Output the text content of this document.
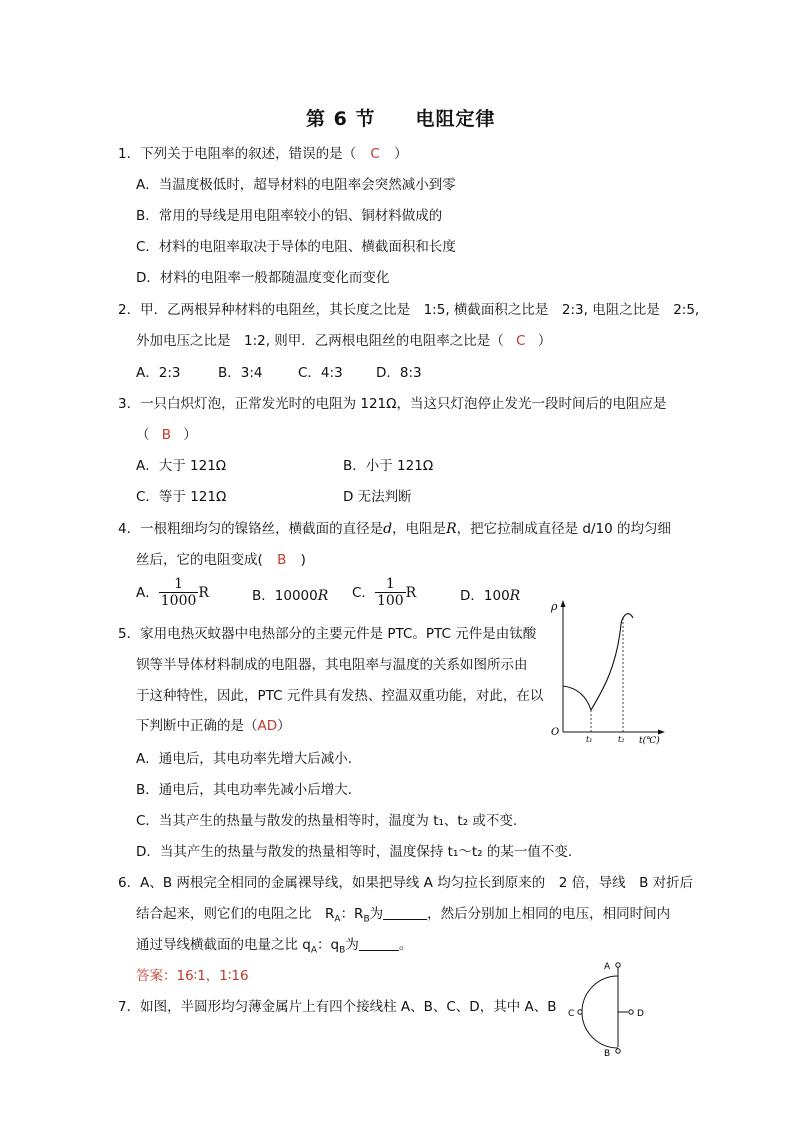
第 6 节　　电阻定律
1．下列关于电阻率的叙述，错误的是（ C ）
A．当温度极低时，超导材料的电阻率会突然减小到零
B．常用的导线是用电阻率较小的铝、铜材料做成的
C．材料的电阻率取决于导体的电阻、横截面积和长度
D．材料的电阻率一般都随温度变化而变化
2．甲．乙两根异种材料的电阻丝，其长度之比是　1:5, 横截面积之比是　2:3, 电阻之比是　2:5,
外加电压之比是　1:2, 则甲．乙两根电阻丝的电阻率之比是（ C ）
A．2:3	B．3:4	C．4:3 D．8:3
3．一只白炽灯泡，正常发光时的电阻为 121Ω，当这只灯泡停止发光一段时间后的电阻应是
（ B ）
A．大于 121Ω	B．小于 121Ω
C．等于 121Ω	D 无法判断
4．一根粗细均匀的镍铬丝，横截面的直径是d，电阻是R，把它拉制成直径是 d/10 的均匀细
丝后，它的电阻变成( B )
A． $\frac{1}{1000}$ R	B．10000R C． $\frac{1}{100}$ R	D．100R
5．家用电热灭蚊器中电热部分的主要元件是 PTC。PTC 元件是由钛酸
钡等半导体材料制成的电阻器，其电阻率与温度的关系如图所示由
于这种特性，因此，PTC 元件具有发热、控温双重功能，对此，在以
下判断中正确的是（AD）
A．通电后，其电功率先增大后减小.
B．通电后，其电功率先减小后增大.
C．当其产生的热量与散发的热量相等时，温度为 t₁、t₂ 或不变.
D．当其产生的热量与散发的热量相等时，温度保持 t₁～t₂ 的某一值不变.
ρ
O
t₁	t₂ t(℃)
6．A、B 两根完全相同的金属裸导线，如果把导线 A 均匀拉长到原来的　2 倍，导线　B 对折后
结合起来，则它们的电阻之比　$R_A$：$R_B$为	，然后分别加上相同的电压，相同时间内
通过导线横截面的电量之比 $q_A$：$q_B$为	。
答案：16∶1，1∶16
7．如图，半圆形均匀薄金属片上有四个接线柱 A、B、C、D，其中 A、B
A
B
C	D
